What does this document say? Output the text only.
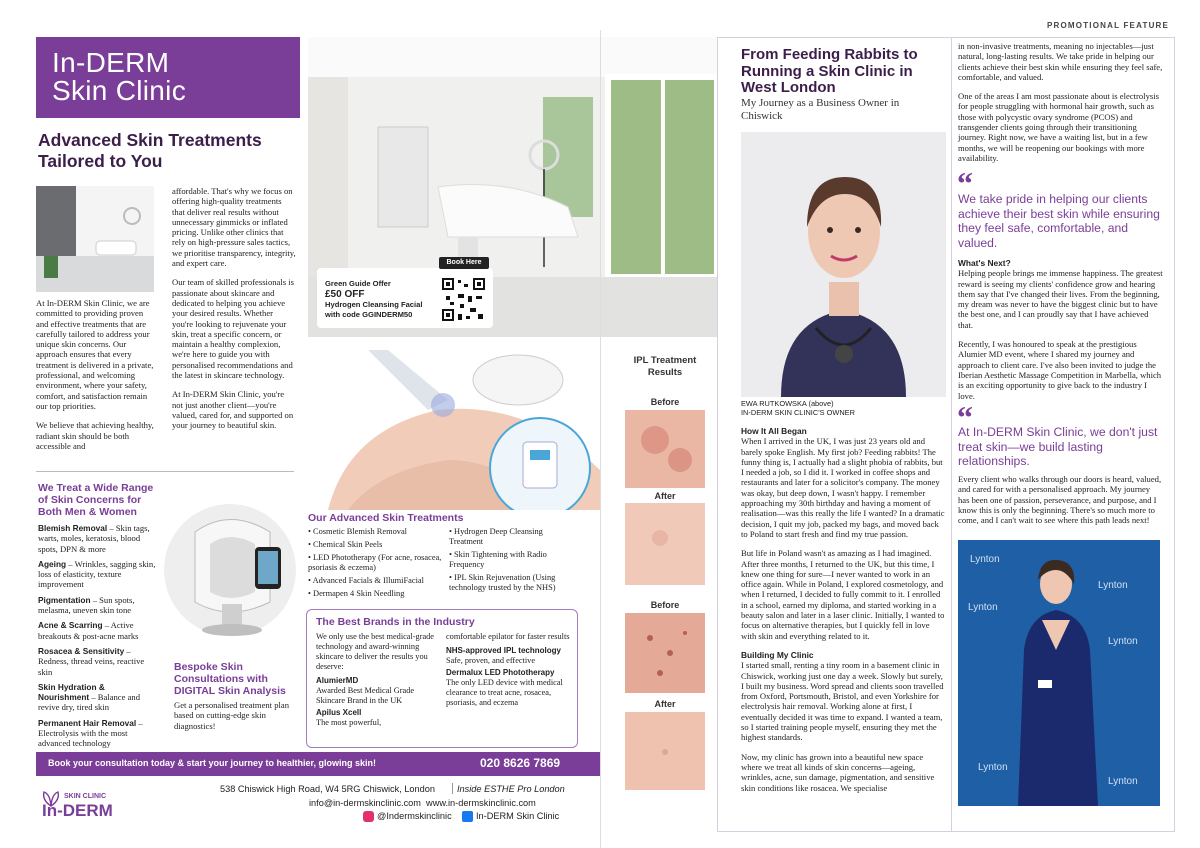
In-DERM
Skin Clinic
Advanced Skin Treatments Tailored to You

At In-DERM Skin Clinic, we are committed to providing proven and effective treatments that are carefully tailored to address your unique skin concerns. Our approach ensures that every treatment is delivered in a private, professional, and welcoming environment, where your safety, comfort, and satisfaction remain our top priorities.

We believe that achieving healthy, radiant skin should be both accessible and

affordable. That's why we focus on offering high-quality treatments that deliver real results without unnecessary gimmicks or inflated pricing. Unlike other clinics that rely on high-pressure sales tactics, we prioritise transparency, integrity, and expert care.

Our team of skilled professionals is passionate about skincare and dedicated to helping you achieve your desired results. Whether you're looking to rejuvenate your skin, treat a specific concern, or maintain a healthy complexion, we're here to guide you with personalised recommendations and the latest in skincare technology.

At In-DERM Skin Clinic, you're not just another client—you're valued, cared for, and supported on your journey to beautiful skin.

Green Guide Offer
£50 OFF
Hydrogen Cleansing Facial
with code GGINDERM50
Book Here
We Treat a Wide Range of Skin Concerns for Both Men & Women
Blemish Removal – Skin tags, warts, moles, keratosis, blood spots, DPN & more
Ageing – Wrinkles, sagging skin, loss of elasticity, texture improvement
Pigmentation – Sun spots, melasma, uneven skin tone
Acne & Scarring – Active breakouts & post-acne marks
Rosacea & Sensitivity – Redness, thread veins, reactive skin
Skin Hydration & Nourishment – Balance and revive dry, tired skin
Permanent Hair Removal – Electrolysis with the most advanced technology
Bespoke Skin Consultations with DIGITAL Skin Analysis
Get a personalised treatment plan based on cutting-edge skin diagnostics!
Our Advanced Skin Treatments
• Cosmetic Blemish Removal
• Chemical Skin Peels
• LED Phototherapy (For acne, rosacea, psoriasis & eczema)
• Advanced Facials & IllumiFacial
• Dermapen 4 Skin Needling
• Hydrogen Deep Cleansing Treatment
• Skin Tightening with Radio Frequency
• IPL Skin Rejuvenation (Using technology trusted by the NHS)
The Best Brands in the Industry
We only use the best medical-grade technology and award-winning skincare to deliver the results you deserve:
AlumierMD
Awarded Best Medical Grade Skincare Brand in the UK
Apilus Xcell
The most powerful,
comfortable epilator for faster results
NHS-approved IPL technology
Safe, proven, and effective
Dermalux LED Phototherapy
The only LED device with medical clearance to treat acne, rosacea, psoriasis, and eczema
IPL Treatment Results
Before
After
Before
After
Book your consultation today & start your journey to healthier, glowing skin!	020 8626 7869
SKIN CLINIC
In-DERM
538 Chiswick High Road, W4 5RG Chiswick, London Inside ESTHE Pro London
info@in-dermskinclinic.com  www.in-dermskinclinic.com
@Indermskinclinic	In-DERM Skin Clinic
PROMOTIONAL FEATURE
From Feeding Rabbits to Running a Skin Clinic in West London
My Journey as a Business Owner in Chiswick
EWA RUTKOWSKA (above)
IN-DERM SKIN CLINIC'S OWNER
How It All Began

When I arrived in the UK, I was just 23 years old and barely spoke English. My first job? Feeding rabbits! The funny thing is, I actually had a slight phobia of rabbits, but I needed a job, so I did it. I worked in coffee shops and restaurants and later for a solicitor's company. The money was okay, but deep down, I wasn't happy. I remember approaching my 30th birthday and having a moment of realisation—was this really the life I wanted? In a dramatic decision, I quit my job, packed my bags, and moved back to Poland to start fresh and find my true passion.

But life in Poland wasn't as amazing as I had imagined. After three months, I returned to the UK, but this time, I knew one thing for sure—I never wanted to work in an office again. While in Poland, I explored cosmetology, and when I returned, I decided to fully commit to it. I enrolled in a school, earned my diploma, and started working in a beauty salon and later in a laser clinic. Initially, I wanted to focus on alternative therapies, but I quickly fell in love with skin and everything related to it.

Building My Clinic

I started small, renting a tiny room in a basement clinic in Chiswick, working just one day a week. Slowly but surely, I built my business. Word spread and clients soon travelled from Oxford, Portsmouth, Bristol, and even Yorkshire for electrolysis hair removal. Working alone at first, I eventually decided it was time to expand. I wanted a team, so I started training people myself, ensuring they met the highest standards.

Now, my clinic has grown into a beautiful new space where we treat all kinds of skin concerns—ageing, wrinkles, acne, sun damage, pigmentation, and sensitive skin conditions like rosacea. We specialise

in non-invasive treatments, meaning no injectables—just natural, long-lasting results. We take pride in helping our clients achieve their best skin while ensuring they feel safe, comfortable, and valued.

One of the areas I am most passionate about is electrolysis for people struggling with hormonal hair growth, such as those with polycystic ovary syndrome (PCOS) and transgender clients going through their transitioning journey. Right now, we have a waiting list, but in a few months, we will be reopening our bookings with more availability.

“
We take pride in helping our clients achieve their best skin while ensuring they feel safe, comfortable, and valued.
What's Next?

Helping people brings me immense happiness. The greatest reward is seeing my clients' confidence grow and hearing them say that I've changed their lives. From the beginning, my dream was never to have the biggest clinic but to have the best one, and I can proudly say that I have achieved that.

Recently, I was honoured to speak at the prestigious Alumier MD event, where I shared my journey and approach to client care. I've also been invited to judge the Iberian Aesthetic Massage Competition in Marbella, which is an exciting opportunity to give back to the industry I love.

“
At In-DERM Skin Clinic, we don't just treat skin—we build lasting relationships.
Every client who walks through our doors is heard, valued, and cared for with a personalised approach. My journey has been one of passion, perseverance, and purpose, and I know this is only the beginning. There's so much more to come, and I can't wait to see where this path leads next!
Lynton
Lynton
Lynton
Lynton
Lynton
Lynton
